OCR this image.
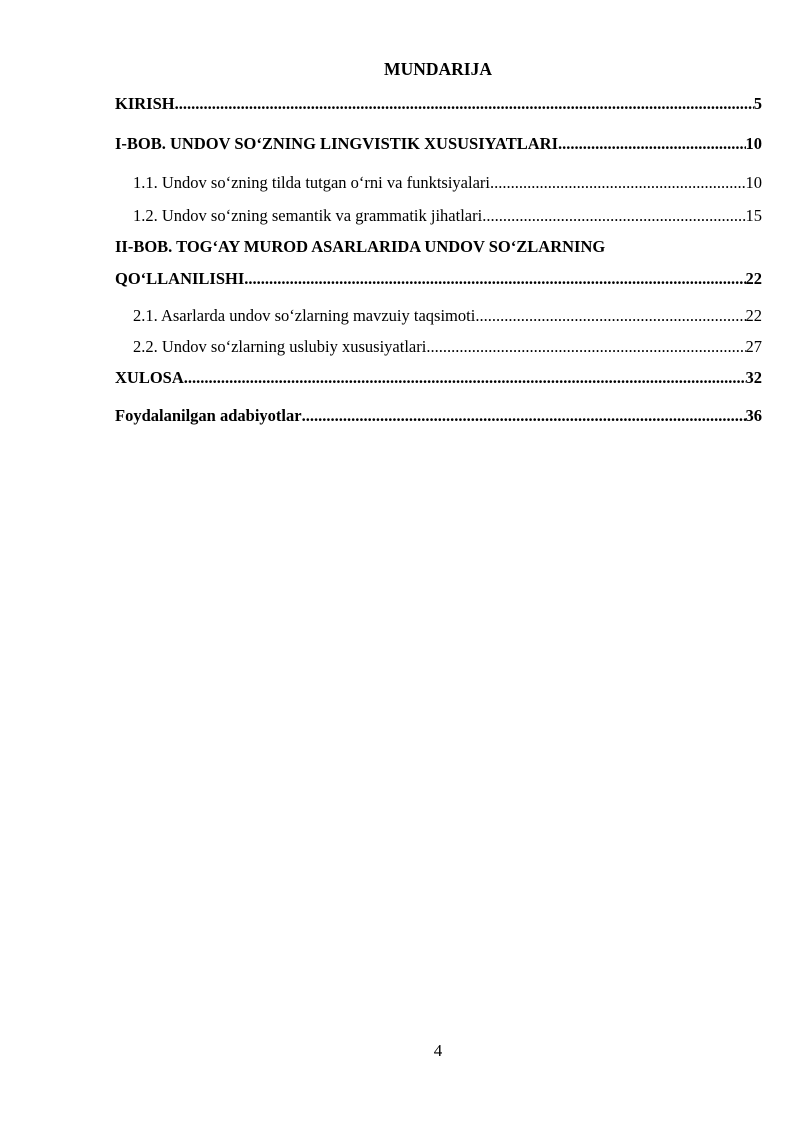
MUNDARIJA
KIRISH .....	5
I-BOB. UNDOV SO‘ZNING LINGVISTIK XUSUSIYATLARI .....	10
1.1. Undov so‘zning tilda tutgan o‘rni va funktsiyalari .....	10
1.2. Undov so‘zning semantik va grammatik jihatlari .....	15
II-BOB. TOG‘AY MUROD ASARLARIDA UNDOV SO‘ZLARNING
QO‘LLANILISHI .....	22
2.1. Asarlarda undov so‘zlarning mavzuiy taqsimoti .....	22
2.2. Undov so‘zlarning uslubiy xususiyatlari .....	27
XULOSA .....	32
Foydalanilgan adabiyotlar .....	36
4
